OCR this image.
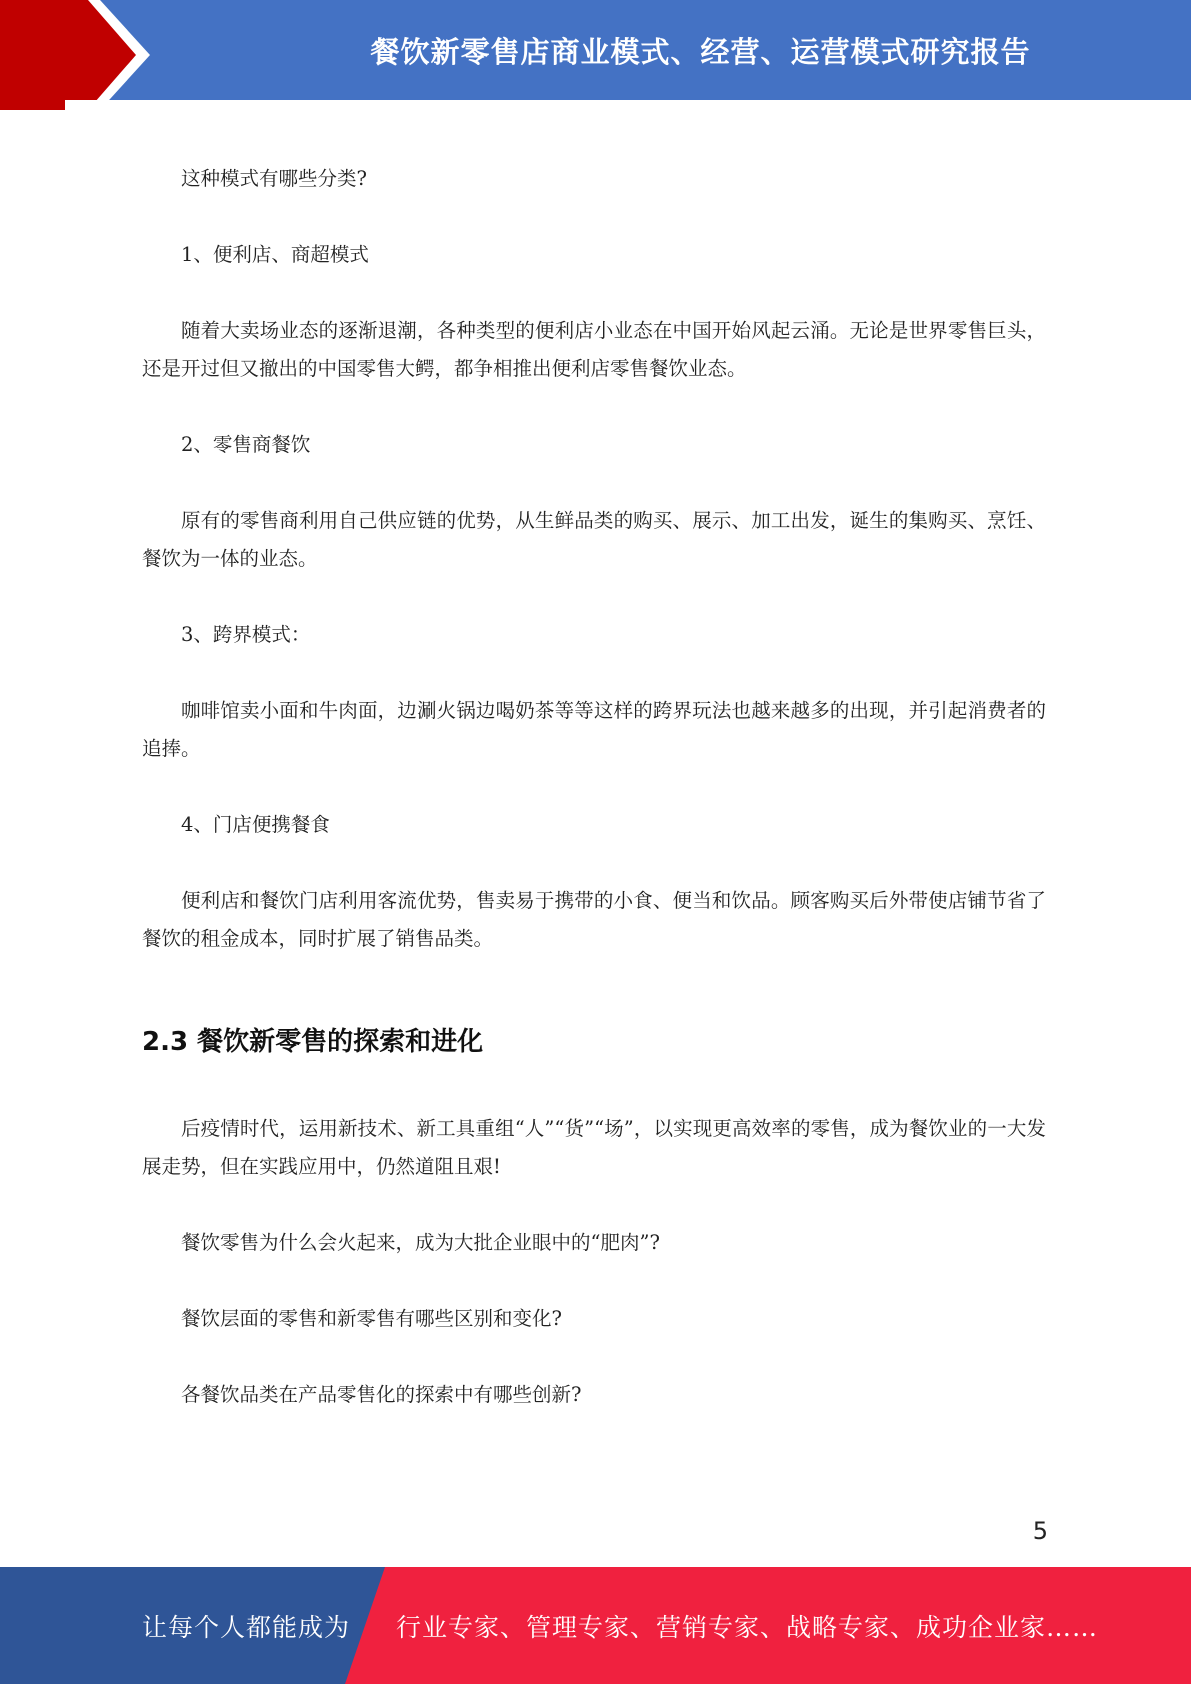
餐饮新零售店商业模式、经营、运营模式研究报告

这种模式有哪些分类?

1、便利店、商超模式

随着大卖场业态的逐渐退潮，各种类型的便利店小业态在中国开始风起云涌。无论是世界零售巨头，还是开过但又撤出的中国零售大鳄，都争相推出便利店零售餐饮业态。

2、零售商餐饮

原有的零售商利用自己供应链的优势，从生鲜品类的购买、展示、加工出发，诞生的集购买、烹饪、餐饮为一体的业态。

3、跨界模式：

咖啡馆卖小面和牛肉面，边涮火锅边喝奶茶等等这样的跨界玩法也越来越多的出现，并引起消费者的追捧。

4、门店便携餐食

便利店和餐饮门店利用客流优势，售卖易于携带的小食、便当和饮品。顾客购买后外带使店铺节省了餐饮的租金成本，同时扩展了销售品类。

2.3 餐饮新零售的探索和进化

后疫情时代，运用新技术、新工具重组“人”“货”“场”，以实现更高效率的零售，成为餐饮业的一大发展走势，但在实践应用中，仍然道阻且艰!

餐饮零售为什么会火起来，成为大批企业眼中的“肥肉”?

餐饮层面的零售和新零售有哪些区别和变化?

各餐饮品类在产品零售化的探索中有哪些创新?

5
让每个人都能成为 行业专家、管理专家、营销专家、战略专家、成功企业家……
